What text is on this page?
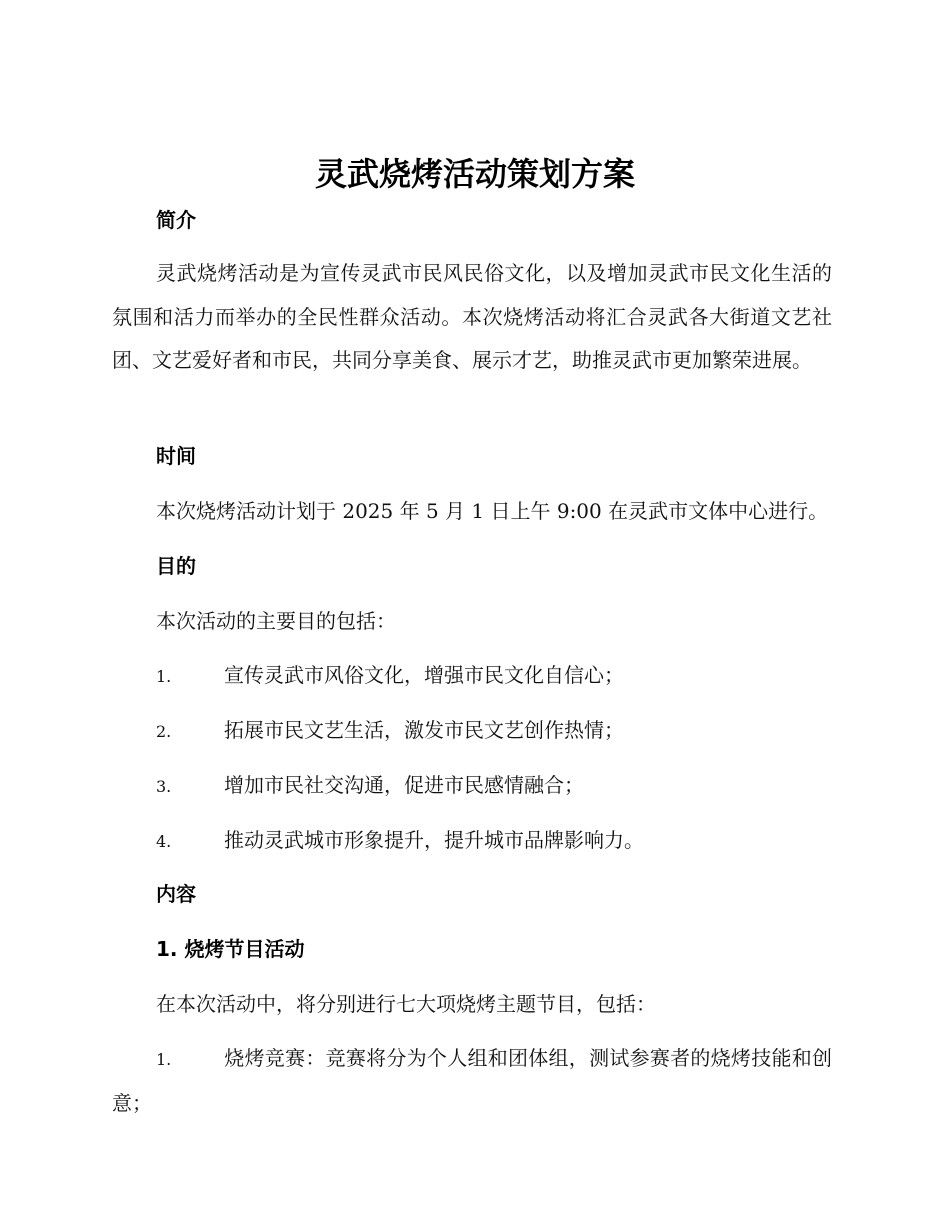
灵武烧烤活动策划方案
简介

灵武烧烤活动是为宣传灵武市民风民俗文化，以及增加灵武市民文化生活的氛围和活力而举办的全民性群众活动。本次烧烤活动将汇合灵武各大街道文艺社团、文艺爱好者和市民，共同分享美食、展示才艺，助推灵武市更加繁荣进展。

时间
本次烧烤活动计划于 2025 年 5 月 1 日上午 9:00 在灵武市文体中心进行。
目的
本次活动的主要目的包括：
1.	宣传灵武市风俗文化，增强市民文化自信心；
2.	拓展市民文艺生活，激发市民文艺创作热情；
3.	增加市民社交沟通，促进市民感情融合；
4.	推动灵武城市形象提升，提升城市品牌影响力。
内容
1. 烧烤节目活动
在本次活动中，将分别进行七大项烧烤主题节目，包括：
1.	烧烤竞赛：竞赛将分为个人组和团体组，测试参赛者的烧烤技能和创意；
